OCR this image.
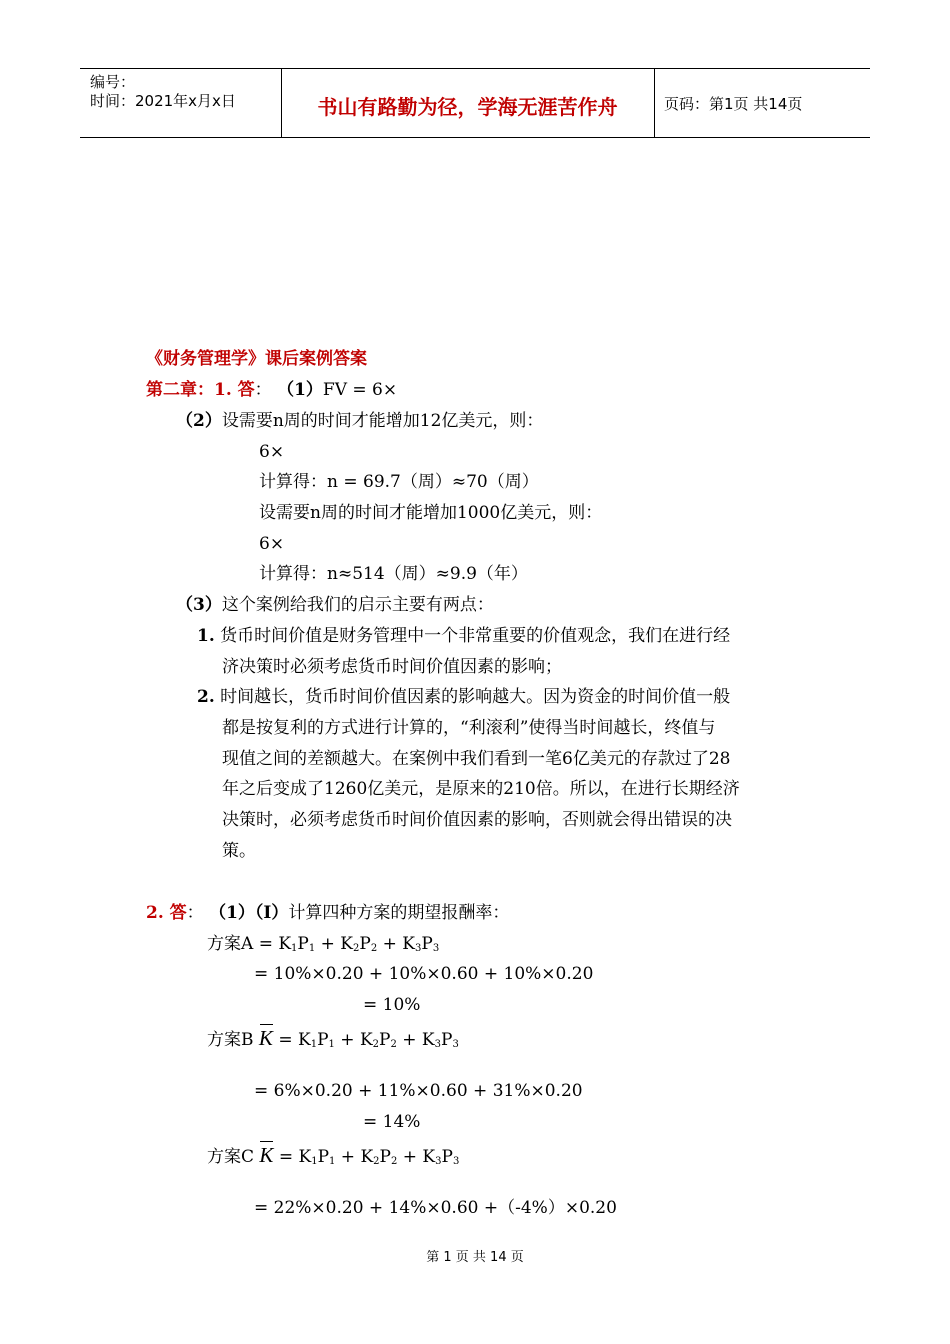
编号：
时间：2021年x月x日	书山有路勤为径，学海无涯苦作舟	页码：第1页 共14页
《财务管理学》课后案例答案
第二章：1. 答： （1）FV = 6×
（2）设需要n周的时间才能增加12亿美元，则：
6×
计算得：n = 69.7（周）≈70（周）
设需要n周的时间才能增加1000亿美元，则：
6×
计算得：n≈514（周）≈9.9（年）
（3）这个案例给我们的启示主要有两点：
1. 货币时间价值是财务管理中一个非常重要的价值观念，我们在进行经
济决策时必须考虑货币时间价值因素的影响；
2. 时间越长，货币时间价值因素的影响越大。因为资金的时间价值一般
都是按复利的方式进行计算的，“利滚利”使得当时间越长，终值与
现值之间的差额越大。在案例中我们看到一笔6亿美元的存款过了28
年之后变成了1260亿美元，是原来的210倍。所以，在进行长期经济
决策时，必须考虑货币时间价值因素的影响，否则就会得出错误的决
策。
2. 答： （1）（I）计算四种方案的期望报酬率：
方案$A = K_1P_1 + K_2P_2 + K_3P_3$
= 10%×0.20 + 10%×0.60 + 10%×0.20
= 10%
方案B $K = K_1P_1 + K_2P_2 + K_3P_3$
= 6%×0.20 + 11%×0.60 + 31%×0.20
= 14%
方案C $K = K_1P_1 + K_2P_2 + K_3P_3$
= 22%×0.20 + 14%×0.60 +（-4%）×0.20
第 1 页 共 14 页
